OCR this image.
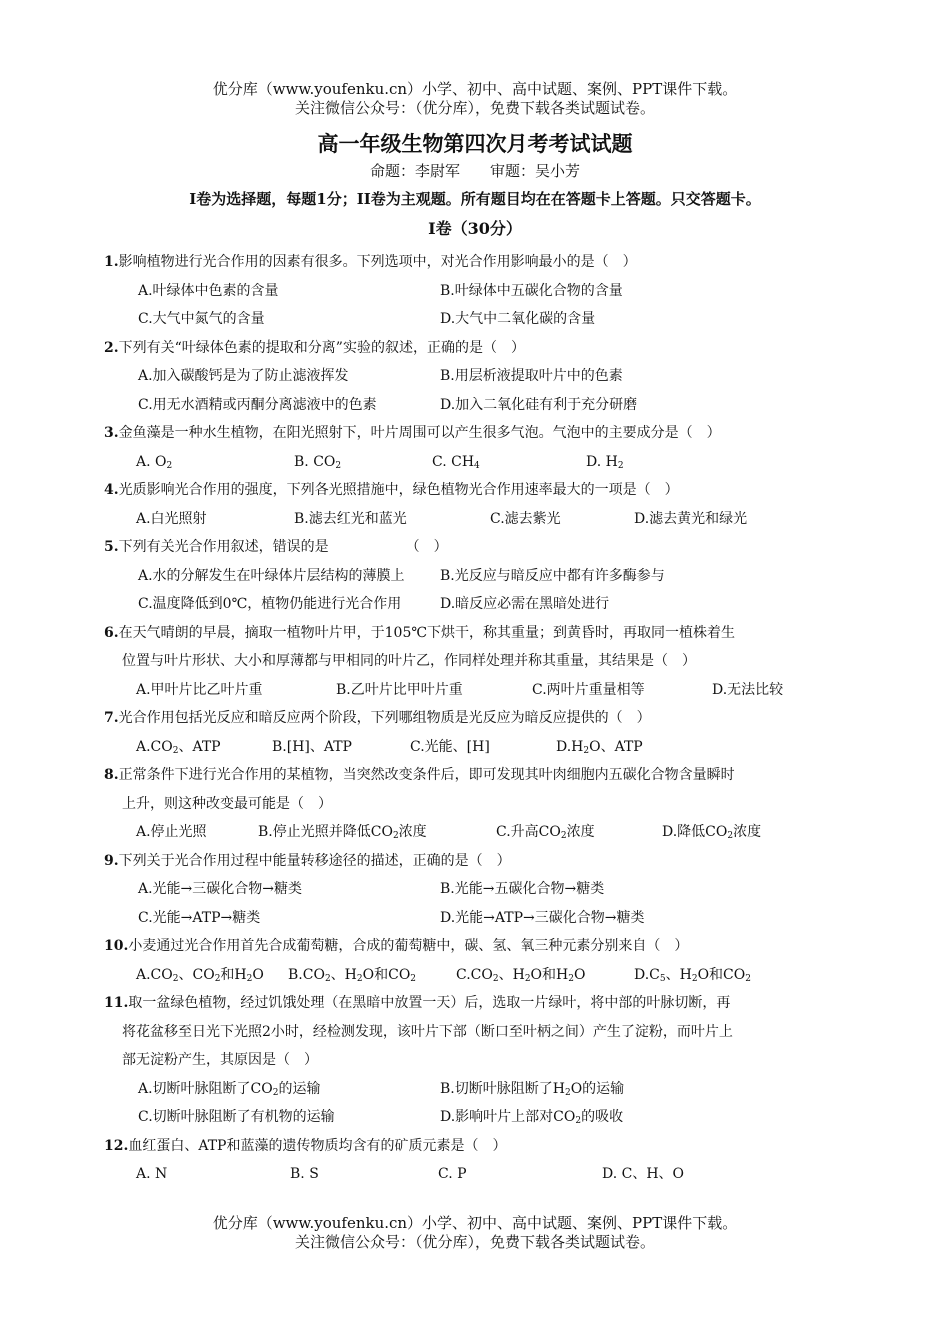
优分库（www.youfenku.cn）小学、初中、高中试题、案例、PPT课件下载。
关注微信公众号：（优分库），免费下载各类试题试卷。
高一年级生物第四次月考考试试题
命题：李尉军　　审题：吴小芳
I卷为选择题，每题1分；II卷为主观题。所有题目均在在答题卡上答题。只交答题卡。
I卷（30分）
1.影响植物进行光合作用的因素有很多。下列选项中，对光合作用影响最小的是（　）
A.叶绿体中色素的含量	B.叶绿体中五碳化合物的含量
C.大气中氮气的含量	D.大气中二氧化碳的含量
2.下列有关“叶绿体色素的提取和分离”实验的叙述，正确的是（　）
A.加入碳酸钙是为了防止滤液挥发	B.用层析液提取叶片中的色素
C.用无水酒精或丙酮分离滤液中的色素	D.加入二氧化硅有利于充分研磨
3.金鱼藻是一种水生植物，在阳光照射下，叶片周围可以产生很多气泡。气泡中的主要成分是（　）
A. $O_2$	B. $CO_2$	C. $CH_4$	D. $H_2$
4.光质影响光合作用的强度，下列各光照措施中，绿色植物光合作用速率最大的一项是（　）
A.白光照射	B.滤去红光和蓝光	C.滤去紫光	D.滤去黄光和绿光
5.下列有关光合作用叙述，错误的是　　　　　　（　）
A.水的分解发生在叶绿体片层结构的薄膜上	B.光反应与暗反应中都有许多酶参与
C.温度降低到0℃，植物仍能进行光合作用	D.暗反应必需在黑暗处进行
6.在天气晴朗的早晨，摘取一植物叶片甲，于105℃下烘干，称其重量；到黄昏时，再取同一植株着生
位置与叶片形状、大小和厚薄都与甲相同的叶片乙，作同样处理并称其重量，其结果是（　）
A.甲叶片比乙叶片重	B.乙叶片比甲叶片重	C.两叶片重量相等	D.无法比较
7.光合作用包括光反应和暗反应两个阶段，下列哪组物质是光反应为暗反应提供的（　）
$A.CO_2$、ATP	B.[H]、ATP	C.光能、[H]	$D.H_2O$、ATP
8.正常条件下进行光合作用的某植物，当突然改变条件后，即可发现其叶肉细胞内五碳化合物含量瞬时
上升，则这种改变最可能是（　）
A.停止光照	B.停止光照并降低$CO_2$浓度	C.升高$CO_2$浓度	D.降低$CO_2$浓度
9.下列关于光合作用过程中能量转移途径的描述，正确的是（　）
A.光能→三碳化合物→糖类	B.光能→五碳化合物→糖类
C.光能→ATP→糖类	D.光能→ATP→三碳化合物→糖类
10.小麦通过光合作用首先合成葡萄糖，合成的葡萄糖中，碳、氢、氧三种元素分别来自（　）
$A.CO_2$、$CO_2$和$H_2O$ $B.CO_2$、$H_2O$和$CO_2$	$C.CO_2$、$H_2O$和$H_2O$	$D.C_5$、$H_2O$和$CO_2$
11.取一盆绿色植物，经过饥饿处理（在黑暗中放置一天）后，选取一片绿叶，将中部的叶脉切断，再
将花盆移至日光下光照2小时，经检测发现，该叶片下部（断口至叶柄之间）产生了淀粉，而叶片上
部无淀粉产生，其原因是（　）
A.切断叶脉阻断了$CO_2$的运输	B.切断叶脉阻断了$H_2O$的运输
C.切断叶脉阻断了有机物的运输	D.影响叶片上部对$CO_2$的吸收
12.血红蛋白、ATP和蓝藻的遗传物质均含有的矿质元素是（　）
A. N	B. S	C. P	D. C、H、O
优分库（www.youfenku.cn）小学、初中、高中试题、案例、PPT课件下载。
关注微信公众号：（优分库），免费下载各类试题试卷。
